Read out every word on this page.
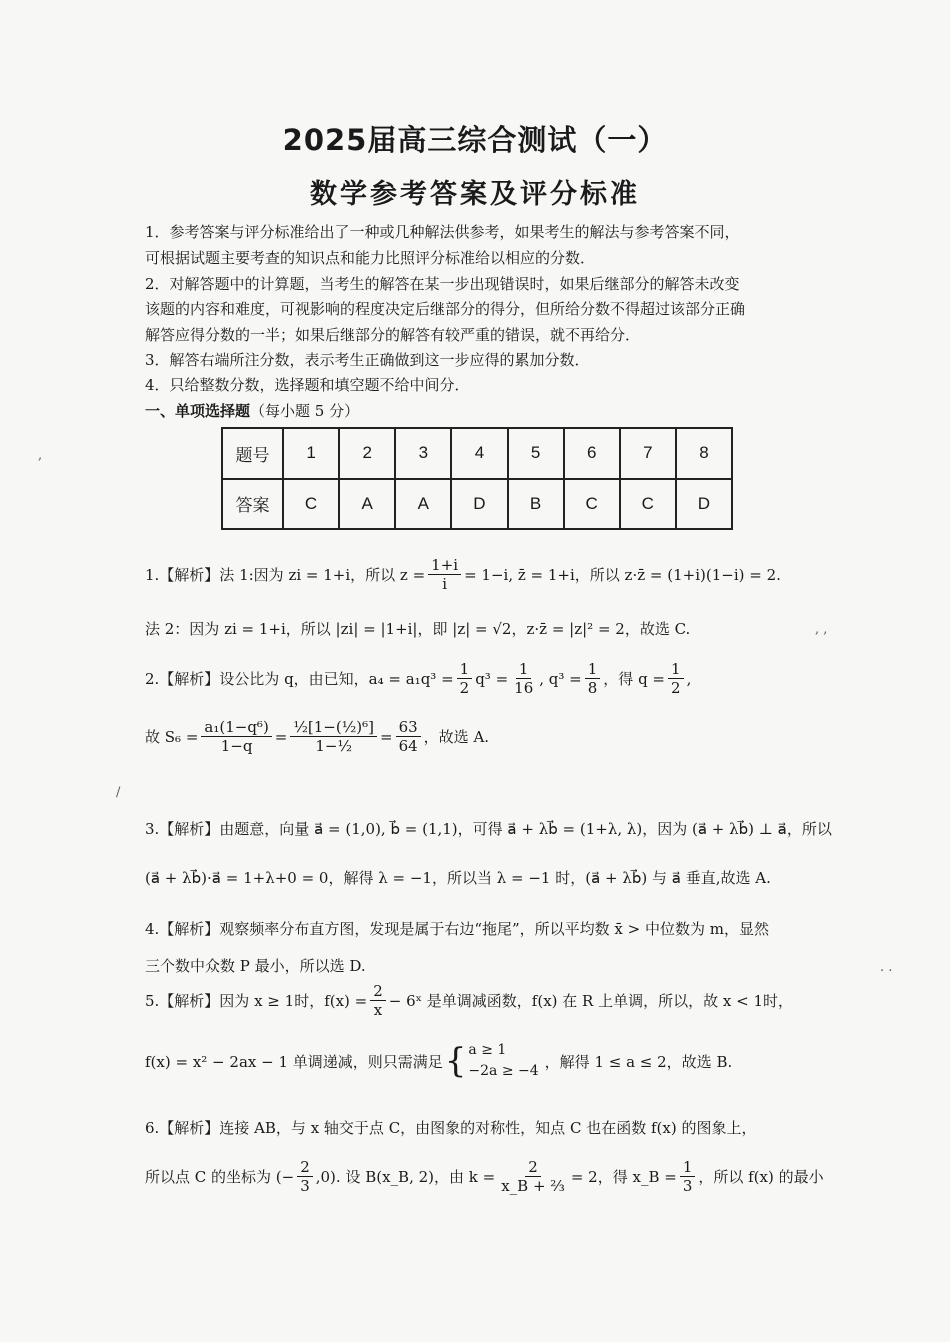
2025届高三综合测试（一）
数学参考答案及评分标准
1．参考答案与评分标准给出了一种或几种解法供参考，如果考生的解法与参考答案不同，
可根据试题主要考查的知识点和能力比照评分标准给以相应的分数．
2．对解答题中的计算题，当考生的解答在某一步出现错误时，如果后继部分的解答未改变
该题的内容和难度，可视影响的程度决定后继部分的得分，但所给分数不得超过该部分正确
解答应得分数的一半；如果后继部分的解答有较严重的错误，就不再给分．
3．解答右端所注分数，表示考生正确做到这一步应得的累加分数．
4．只给整数分数，选择题和填空题不给中间分．
一、单项选择题（每小题 5 分）
题号	1	2	3	4	5	6	7	8
答案	C	A	A	D	B	C	C	D
1.【解析】法 1:因为 zi = 1+i，所以 $z = \frac{1+i}{i} = 1-i$, z̄ = 1+i，所以 z·z̄ = (1+i)(1−i) = 2.
法 2：因为 zi = 1+i，所以 |zi| = |1+i|，即 |z| = √2，z·z̄ = |z|² = 2，故选 C.
2.【解析】设公比为 q，由已知，$a_4 = a_1q^3 = \frac{1}{2} q^3 = \frac{1}{16}$ , $q^3 = \frac{1}{8}$ ，得 $q = \frac{1}{2}$ ,
故 $S_6 = \frac{\text{a₁(1−q⁶)}}{1-q} = \frac{\text{½[1−(½)⁶]}}{\text{1−½}} = \frac{63}{64}$ ，故选 A.
3.【解析】由题意，向量 a⃗ = (1,0), b⃗ = (1,1)，可得 a⃗ + λb⃗ = (1+λ, λ)，因为 (a⃗ + λb⃗) ⊥ a⃗，所以
(a⃗ + λb⃗)·a⃗ = 1+λ+0 = 0，解得 λ = −1，所以当 λ = −1 时，(a⃗ + λb⃗) 与 a⃗ 垂直,故选 A.
4.【解析】观察频率分布直方图，发现是属于右边“拖尾”，所以平均数 x̄ > 中位数为 m，显然
三个数中众数 P 最小，所以选 D.
5.【解析】因为 x ≥ 1时，$f(x) = \frac{2}{x}$ − 6ˣ 是单调减函数，f(x) 在 R 上单调，所以，故 x < 1时，
f(x) = x² − 2ax − 1 单调递减，则只需满足 { a ≥ 1
−2a ≥ −4
，解得 1 ≤ a ≤ 2，故选 B.
6.【解析】连接 AB，与 x 轴交于点 C，由图象的对称性，知点 C 也在函数 f(x) 的图象上，
所以点 C 的坐标为 (− $\frac{2}{3} ,0$). 设 B(x_B, 2)，由 $k = \frac{2}{\text{x\_B + ⅔}} = 2$，得 x_B = $\frac{1}{3}$ ，所以 f(x) 的最小
,
/
, ,
. .
